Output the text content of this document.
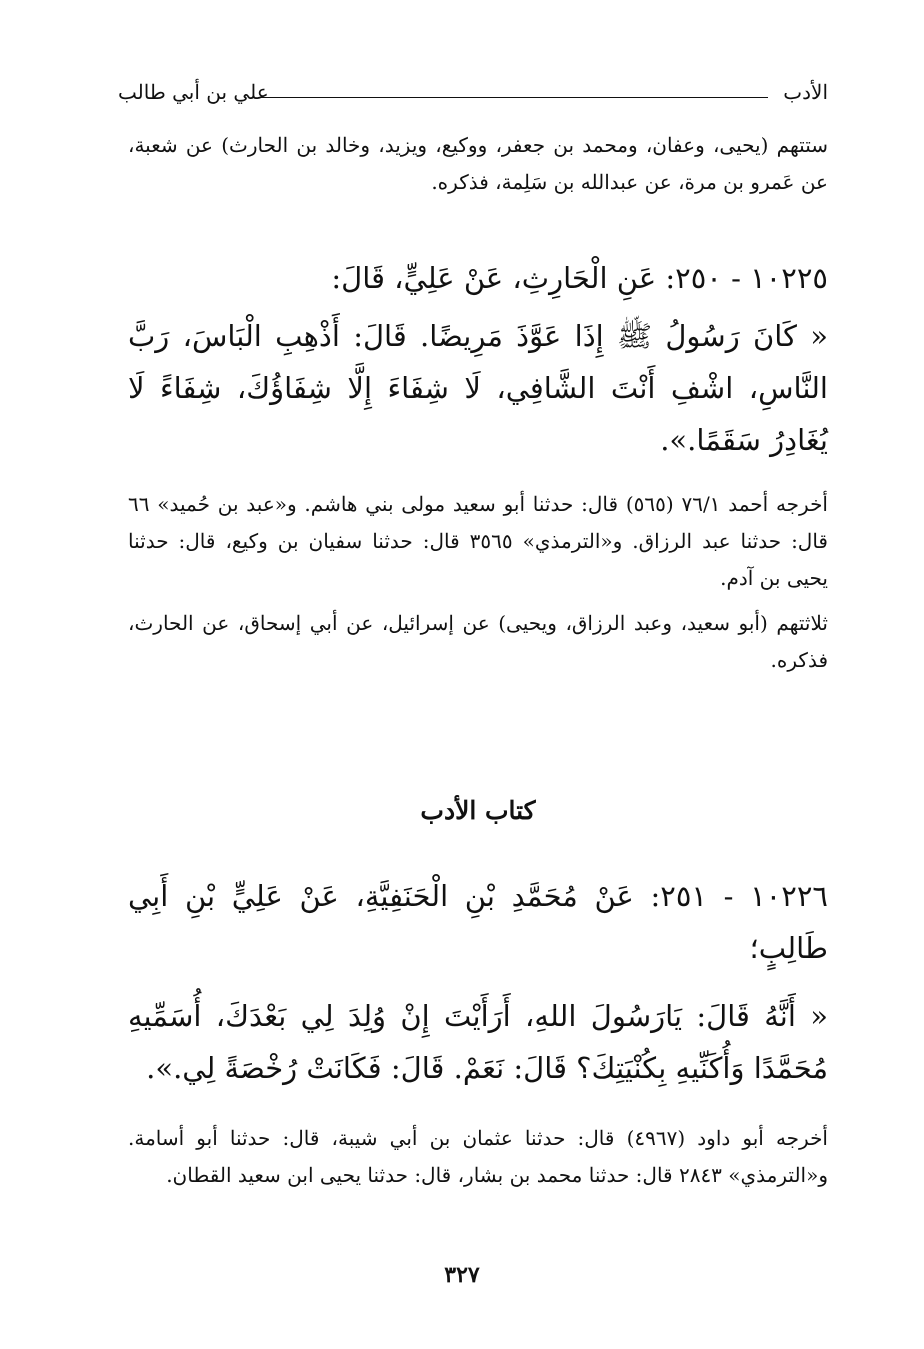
علي بن أبي طالب	الأدب
ستتهم (يحيى، وعفان، ومحمد بن جعفر، ووكيع، ويزيد، وخالد بن الحارث) عن شعبة، عن عَمرو بن مرة، عن عبدالله بن سَلِمة، فذكره.
١٠٢٢٥ - ٢٥٠: عَنِ الْحَارِثِ، عَنْ عَلِيٍّ، قَالَ:
« كَانَ رَسُولُ ﷺ إِذَا عَوَّذَ مَرِيضًا. قَالَ: أَذْهِبِ الْبَاسَ، رَبَّ النَّاسِ، اشْفِ أَنْتَ الشَّافِي، لَا شِفَاءَ إِلَّا شِفَاؤُكَ، شِفَاءً لَا يُغَادِرُ سَقَمًا.».
أخرجه أحمد ٧٦/١ (٥٦٥) قال: حدثنا أبو سعيد مولى بني هاشم. و«عبد بن حُميد» ٦٦ قال: حدثنا عبد الرزاق. و«الترمذي» ٣٥٦٥ قال: حدثنا سفيان بن وكيع، قال: حدثنا يحيى بن آدم.
ثلاثتهم (أبو سعيد، وعبد الرزاق، ويحيى) عن إسرائيل، عن أبي إسحاق، عن الحارث، فذكره.
كتاب الأدب
١٠٢٢٦ - ٢٥١: عَنْ مُحَمَّدِ بْنِ الْحَنَفِيَّةِ، عَنْ عَلِيٍّ بْنِ أَبِي طَالِبٍ؛
« أَنَّهُ قَالَ: يَارَسُولَ اللهِ، أَرَأَيْتَ إِنْ وُلِدَ لِي بَعْدَكَ، أُسَمِّيهِ مُحَمَّدًا وَأُكَنِّيهِ بِكُنْيَتِكَ؟ قَالَ: نَعَمْ. قَالَ: فَكَانَتْ رُخْصَةً لِي.».
أخرجه أبو داود (٤٩٦٧) قال: حدثنا عثمان بن أبي شيبة، قال: حدثنا أبو أسامة. و«الترمذي» ٢٨٤٣ قال: حدثنا محمد بن بشار، قال: حدثنا يحيى ابن سعيد القطان.
٣٢٧
